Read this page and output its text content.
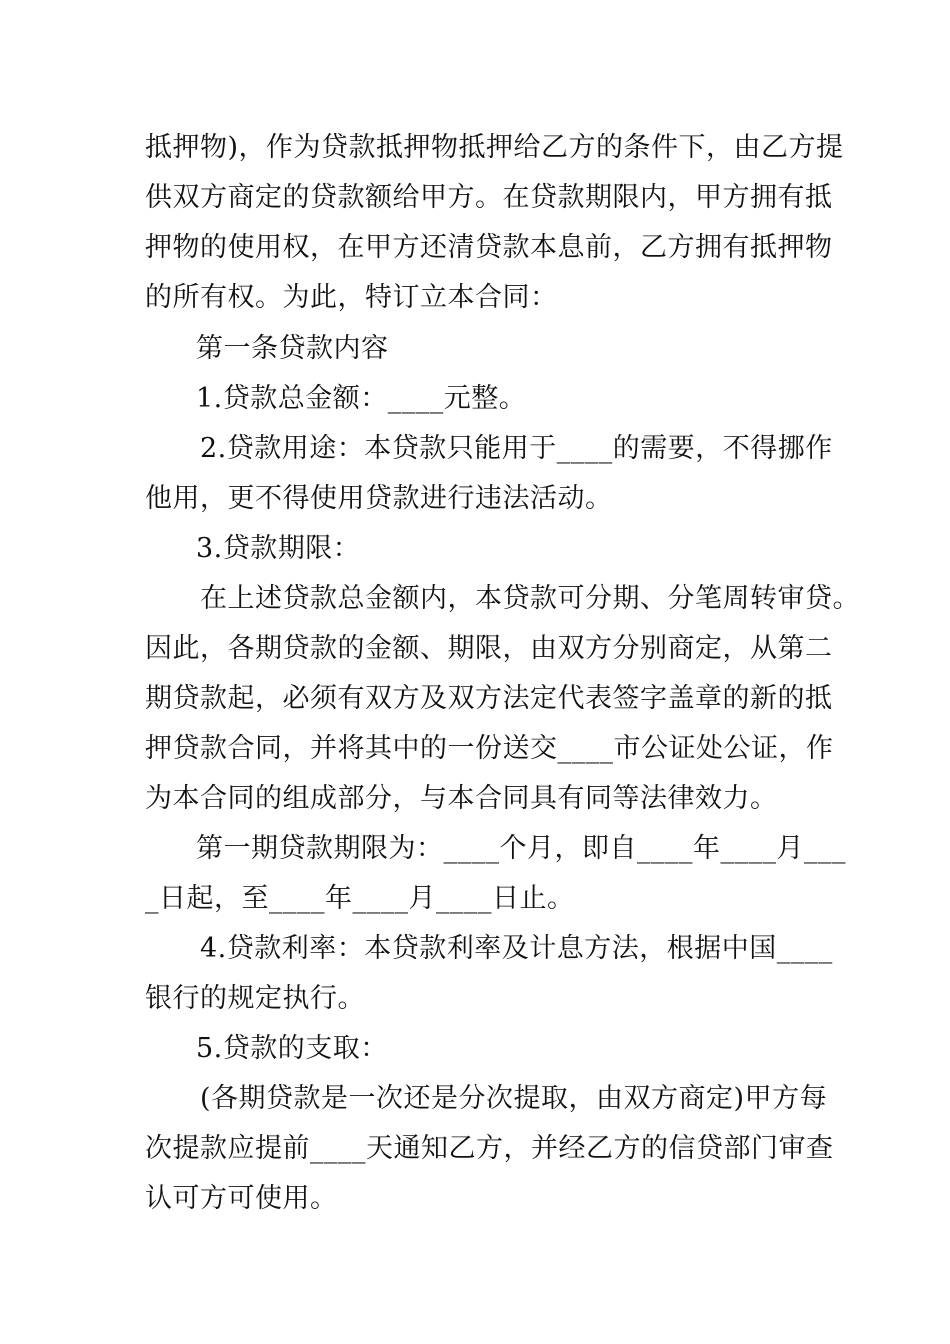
抵押物)，作为贷款抵押物抵押给乙方的条件下，由乙方提
供双方商定的贷款额给甲方。在贷款期限内，甲方拥有抵
押物的使用权，在甲方还清贷款本息前，乙方拥有抵押物
的所有权。为此，特订立本合同：
第一条贷款内容
1.贷款总金额：____元整。
2.贷款用途：本贷款只能用于____的需要，不得挪作
他用，更不得使用贷款进行违法活动。
3.贷款期限：
在上述贷款总金额内，本贷款可分期、分笔周转审贷。
因此，各期贷款的金额、期限，由双方分别商定，从第二
期贷款起，必须有双方及双方法定代表签字盖章的新的抵
押贷款合同，并将其中的一份送交____市公证处公证，作
为本合同的组成部分，与本合同具有同等法律效力。
第一期贷款期限为：____个月，即自____年____月___
_日起，至____年____月____日止。
4.贷款利率：本贷款利率及计息方法，根据中国____
银行的规定执行。
5.贷款的支取：
(各期贷款是一次还是分次提取，由双方商定)甲方每
次提款应提前____天通知乙方，并经乙方的信贷部门审查
认可方可使用。
